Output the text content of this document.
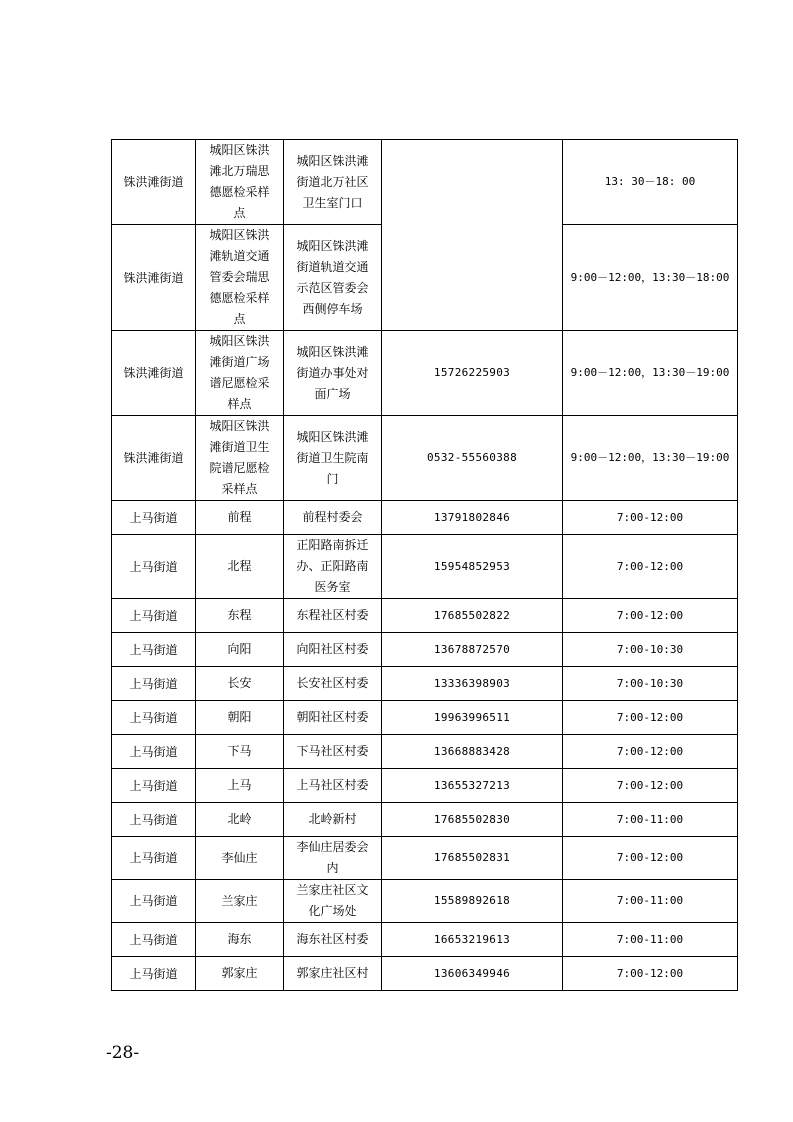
铢洪滩街道	城阳区铢洪滩北万瑞思德愿检采样点	城阳区铢洪滩街道北万社区卫生室门口		13: 30－18: 00
铢洪滩街道	城阳区铢洪滩轨道交通管委会瑞思德愿检采样点	城阳区铢洪滩街道轨道交通示范区管委会西侧停车场		9:00－12:00，13:30－18:00
铢洪滩街道	城阳区铢洪滩街道广场谱尼愿检采样点	城阳区铢洪滩街道办事处对面广场	15726225903	9:00－12:00，13:30－19:00
铢洪滩街道	城阳区铢洪滩街道卫生院谱尼愿检采样点	城阳区铢洪滩街道卫生院南门	0532-55560388	9:00－12:00，13:30－19:00
上马街道	前程	前程村委会	13791802846	7:00-12:00
上马街道	北程	正阳路南拆迁办、正阳路南医务室	15954852953	7:00-12:00
上马街道	东程	东程社区村委	17685502822	7:00-12:00
上马街道	向阳	向阳社区村委	13678872570	7:00-10:30
上马街道	长安	长安社区村委	13336398903	7:00-10:30
上马街道	朝阳	朝阳社区村委	19963996511	7:00-12:00
上马街道	下马	下马社区村委	13668883428	7:00-12:00
上马街道	上马	上马社区村委	13655327213	7:00-12:00
上马街道	北岭	北岭新村	17685502830	7:00-11:00
上马街道	李仙庄	李仙庄居委会内	17685502831	7:00-12:00
上马街道	兰家庄	兰家庄社区文化广场处	15589892618	7:00-11:00
上马街道	海东	海东社区村委	16653219613	7:00-11:00
上马街道	郭家庄	郭家庄社区村	13606349946	7:00-12:00
-28-
